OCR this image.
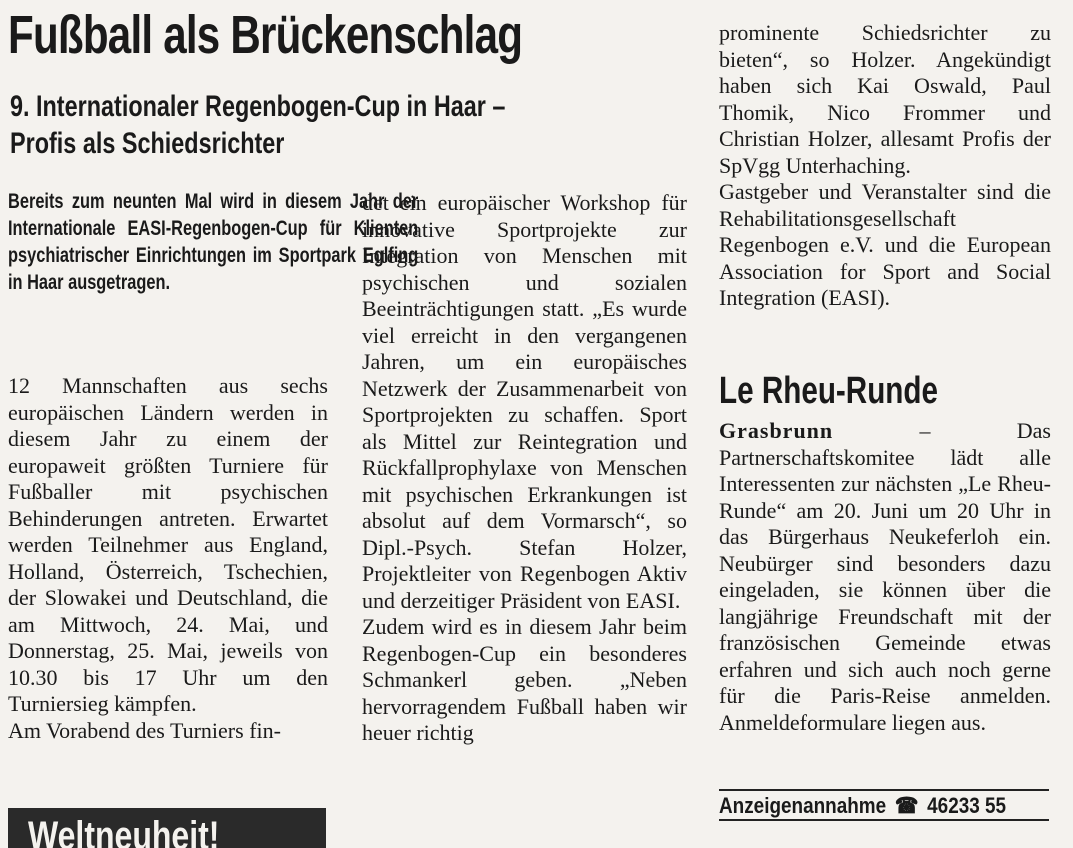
Fußball als Brückenschlag
9. Internationaler Regenbogen-Cup in Haar –
Profis als Schiedsrichter

Bereits zum neunten Mal wird in diesem Jahr der Internationale EASI-Regenbogen-Cup für Klienten psychiatrischer Einrichtungen im Sportpark Eglfing in Haar ausgetragen.

12 Mannschaften aus sechs europäischen Ländern werden in diesem Jahr zu einem der europaweit größten Turniere für Fußballer mit psychischen Behinderungen antreten. Erwartet werden Teilnehmer aus England, Holland, Österreich, Tschechien, der Slowakei und Deutschland, die am Mittwoch, 24. Mai, und Donnerstag, 25. Mai, jeweils von 10.30 bis 17 Uhr um den Turniersieg kämpfen.

Am Vorabend des Turniers fin-

det ein europäischer Workshop für innovative Sportprojekte zur Integration von Menschen mit psychischen und sozialen Beeinträchtigungen statt. „Es wurde viel erreicht in den vergangenen Jahren, um ein europäisches Netzwerk der Zusammenarbeit von Sportprojekten zu schaffen. Sport als Mittel zur Reintegration und Rückfallprophylaxe von Menschen mit psychischen Erkrankungen ist absolut auf dem Vormarsch“, so Dipl.-Psych. Stefan Holzer, Projektleiter von Regenbogen Aktiv und derzeitiger Präsident von EASI.

Zudem wird es in diesem Jahr beim Regenbogen-Cup ein besonderes Schmankerl geben. „Neben hervorragendem Fußball haben wir heuer richtig

prominente Schiedsrichter zu bieten“, so Holzer. Angekündigt haben sich Kai Oswald, Paul Thomik, Nico Frommer und Christian Holzer, allesamt Profis der SpVgg Unterhaching.

Gastgeber und Veranstalter sind die Rehabilitationsgesellschaft Regenbogen e.V. und die European Association for Sport and Social Integration (EASI).

Le Rheu-Runde

Grasbrunn – Das Partnerschaftskomitee lädt alle Interessenten zur nächsten „Le Rheu-Runde“ am 20. Juni um 20 Uhr in das Bürgerhaus Neukeferloh ein. Neubürger sind besonders dazu eingeladen, sie können über die langjährige Freundschaft mit der französischen Gemeinde etwas erfahren und sich auch noch gerne für die Paris-Reise anmelden. Anmeldeformulare liegen aus.

Anzeigenannahme ☎ 46233 55
Weltneuheit!
